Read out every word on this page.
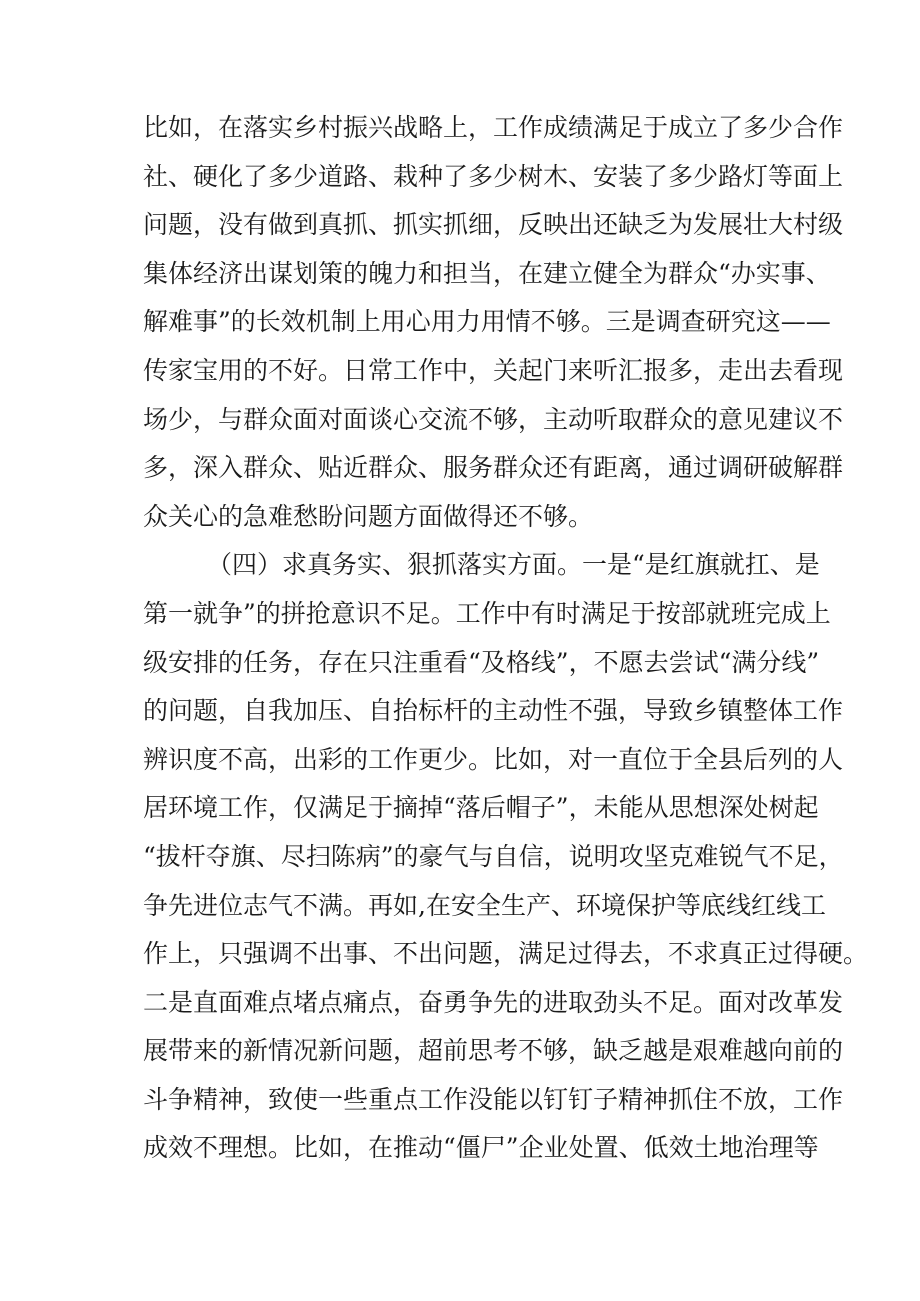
比如，在落实乡村振兴战略上，工作成绩满足于成立了多少合作
社、硬化了多少道路、栽种了多少树木、安装了多少路灯等面上
问题，没有做到真抓、抓实抓细，反映出还缺乏为发展壮大村级
集体经济出谋划策的魄力和担当，在建立健全为群众“办实事、
解难事”的长效机制上用心用力用情不够。三是调查研究这——
传家宝用的不好。日常工作中，关起门来听汇报多，走出去看现
场少，与群众面对面谈心交流不够，主动听取群众的意见建议不
多，深入群众、贴近群众、服务群众还有距离，通过调研破解群
众关心的急难愁盼问题方面做得还不够。
（四）求真务实、狠抓落实方面。一是“是红旗就扛、是
第一就争”的拼抢意识不足。工作中有时满足于按部就班完成上
级安排的任务，存在只注重看“及格线”，不愿去尝试“满分线”
的问题，自我加压、自抬标杆的主动性不强，导致乡镇整体工作
辨识度不高，出彩的工作更少。比如，对一直位于全县后列的人
居环境工作，仅满足于摘掉“落后帽子”，未能从思想深处树起
“拔杆夺旗、尽扫陈病”的豪气与自信，说明攻坚克难锐气不足，
争先进位志气不满。再如,在安全生产、环境保护等底线红线工
作上，只强调不出事、不出问题，满足过得去，不求真正过得硬。
二是直面难点堵点痛点，奋勇争先的进取劲头不足。面对改革发
展带来的新情况新问题，超前思考不够，缺乏越是艰难越向前的
斗争精神，致使一些重点工作没能以钉钉子精神抓住不放，工作
成效不理想。比如，在推动“僵尸”企业处置、低效土地治理等
